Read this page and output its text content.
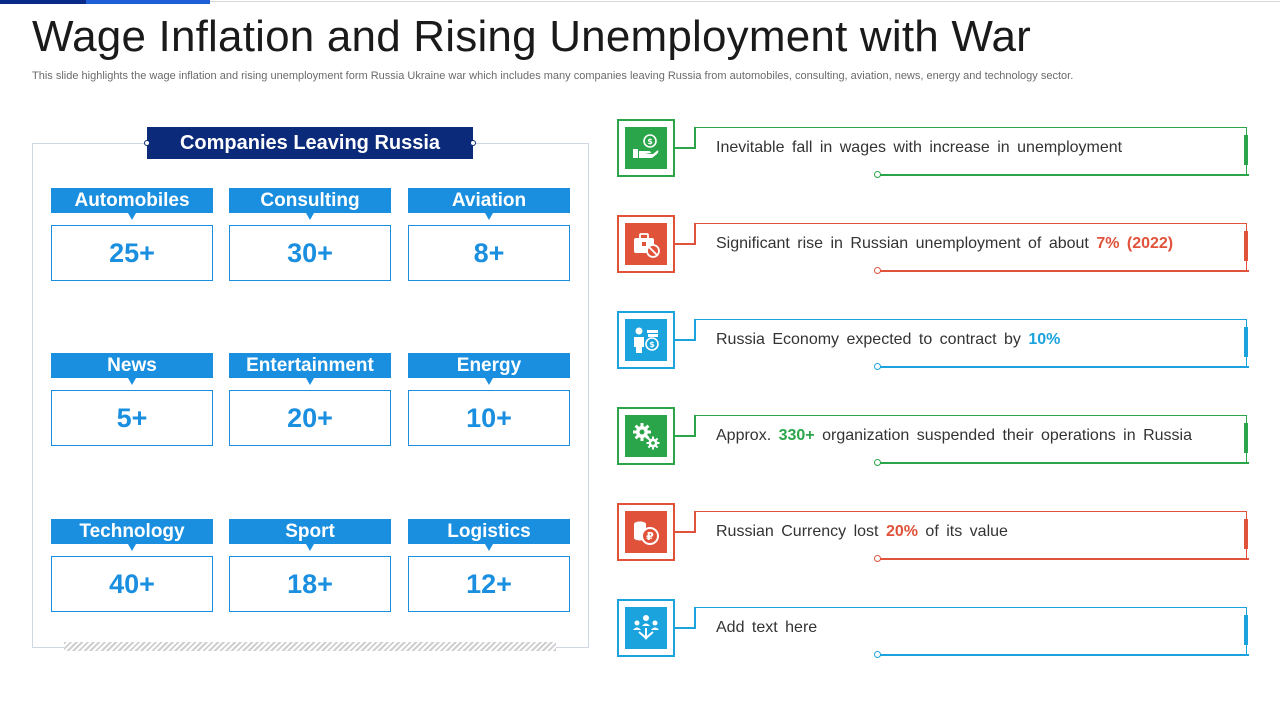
Wage Inflation and Rising Unemployment with War

This slide highlights the wage inflation and rising unemployment form Russia Ukraine war which includes many companies leaving Russia from automobiles, consulting, aviation, news, energy and technology sector.

Companies Leaving Russia
Automobiles
25+
Consulting
30+
Aviation
8+
News
5+
Entertainment
20+
Energy
10+
Technology
40+
Sport
18+
Logistics
12+
$	Inevitable fall in wages with increase in unemployment
Significant rise in Russian unemployment of about 7% (2022)
$	Russia Economy expected to contract by 10%
Approx. 330+ organization suspended their operations in Russia
₽	Russian Currency lost 20% of its value
Add text here
